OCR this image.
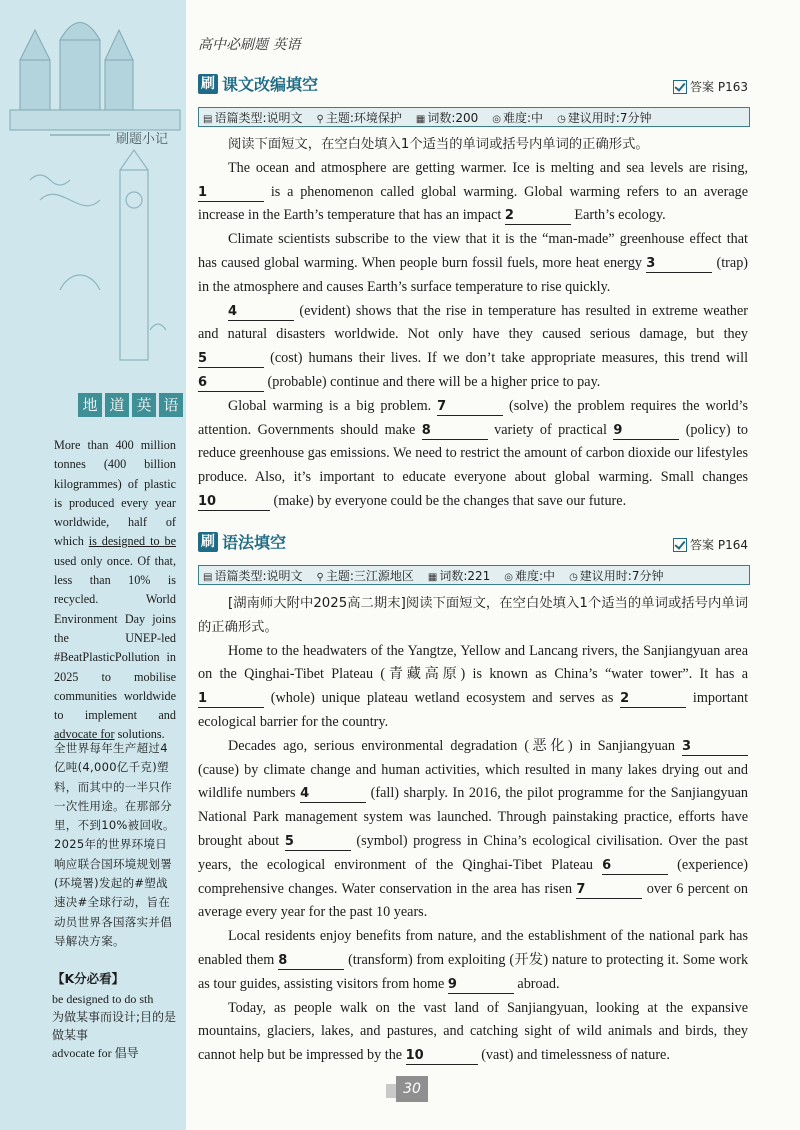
刷题小记
地 道 英 语
More than 400 million tonnes (400 billion kilogrammes) of plastic is produced every year worldwide, half of which is designed to be used only once. Of that, less than 10% is recycled. World Environment Day joins the UNEP-led #BeatPlasticPollution in 2025 to mobilise communities worldwide to implement and advocate for solutions.
全世界每年生产超过4亿吨(4,000亿千克)塑料，而其中的一半只作一次性用途。在那部分里，不到10%被回收。2025年的世界环境日响应联合国环境规划署(环境署)发起的#塑战速决#全球行动，旨在动员世界各国落实并倡导解决方案。
【K分必看】
be designed to do sth
为做某事而设计;目的是做某事
advocate for 倡导
高中必刷题 英语
刷 课文改编填空	答案 P163
▤ 语篇类型:说明文 ⚲ 主题:环境保护 ▦ 词数:200 ◎ 难度:中 ◷ 建议用时:7分钟

阅读下面短文，在空白处填入1个适当的单词或括号内单词的正确形式。

The ocean and atmosphere are getting warmer. Ice is melting and sea levels are rising, 1	is a phenomenon called global warming. Global warming refers to an average increase in the Earth’s temperature that has an impact 2	Earth’s ecology.

Climate scientists subscribe to the view that it is the “man-made” greenhouse effect that has caused global warming. When people burn fossil fuels, more heat energy 3	(trap) in the atmosphere and causes Earth’s surface temperature to rise quickly.

4	(evident) shows that the rise in temperature has resulted in extreme weather and natural disasters worldwide. Not only have they caused serious damage, but they 5	(cost) humans their lives. If we don’t take appropriate measures, this trend will 6	(probable) continue and there will be a higher price to pay.

Global warming is a big problem. 7	(solve) the problem requires the world’s attention. Governments should make 8	variety of practical 9	(policy) to reduce greenhouse gas emissions. We need to restrict the amount of carbon dioxide our lifestyles produce. Also, it’s important to educate everyone about global warming. Small changes 10	(make) by everyone could be the changes that save our future.

刷 语法填空	答案 P164
▤ 语篇类型:说明文 ⚲ 主题:三江源地区 ▦ 词数:221 ◎ 难度:中 ◷ 建议用时:7分钟

[湖南师大附中2025高二期末]阅读下面短文，在空白处填入1个适当的单词或括号内单词的正确形式。

Home to the headwaters of the Yangtze, Yellow and Lancang rivers, the Sanjiangyuan area on the Qinghai-Tibet Plateau (青藏高原) is known as China’s “water tower”. It has a 1	(whole) unique plateau wetland ecosystem and serves as 2	important ecological barrier for the country.

Decades ago, serious environmental degradation (恶化) in Sanjiangyuan 3 (cause) by climate change and human activities, which resulted in many lakes drying out and wildlife numbers 4	(fall) sharply. In 2016, the pilot programme for the Sanjiangyuan National Park management system was launched. Through painstaking practice, efforts have brought about 5	(symbol) progress in China’s ecological civilisation. Over the past years, the ecological environment of the Qinghai-Tibet Plateau 6	(experience) comprehensive changes. Water conservation in the area has risen 7	over 6 percent on average every year for the past 10 years.

Local residents enjoy benefits from nature, and the establishment of the national park has enabled them 8	(transform) from exploiting (开发) nature to protecting it. Some work as tour guides, assisting visitors from home 9	abroad.

Today, as people walk on the vast land of Sanjiangyuan, looking at the expansive mountains, glaciers, lakes, and pastures, and catching sight of wild animals and birds, they cannot help but be impressed by the 10	(vast) and timelessness of nature.

30
